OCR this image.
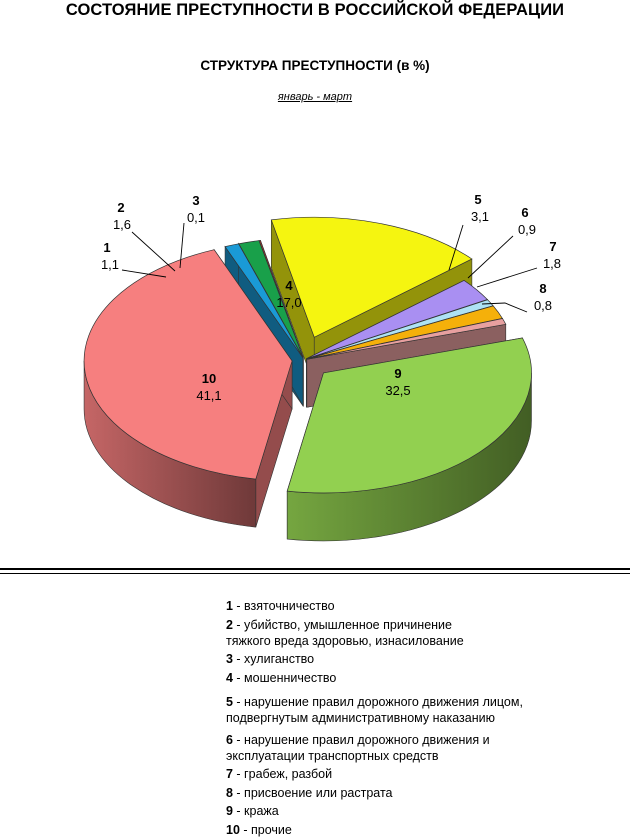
СОСТОЯНИЕ ПРЕСТУПНОСТИ В РОССИЙСКОЙ ФЕДЕРАЦИИ
СТРУКТУРА ПРЕСТУПНОСТИ (в %)
январь - март
1
1,1
2
1,6
3
0,1
4
17,0
5
3,1 6
0,9
7
1,8
8
0,8
9
32,5
10
41,1
1 - взяточничество
2 - убийство, умышленное причинение тяжкого вреда здоровью, изнасилование
3 - хулиганство
4 - мошенничество
5 - нарушение правил дорожного движения лицом, подвергнутым административному наказанию
6 - нарушение правил дорожного движения и эксплуатации транспортных средств
7 - грабеж, разбой
8 - присвоение или растрата
9 - кража
10 - прочие
